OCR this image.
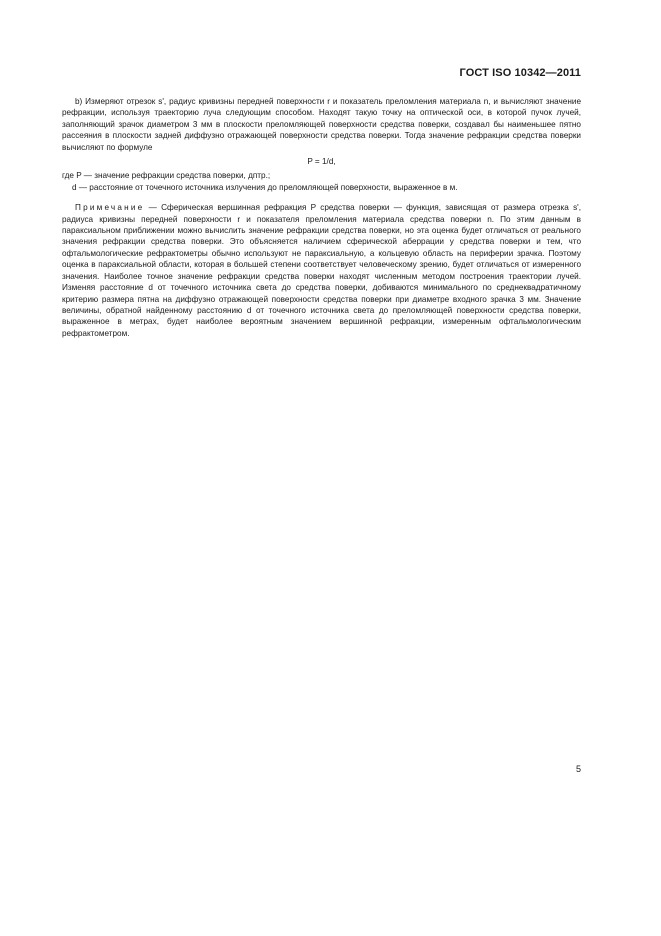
ГОСТ ISO 10342—2011

b) Измеряют отрезок s', радиус кривизны передней поверхности r и показатель преломления материала n, и вычисляют значение рефракции, используя траекторию луча следующим способом. Находят такую точку на оптической оси, в которой пучок лучей, заполняющий зрачок диаметром 3 мм в плоскости преломляющей поверхности средства поверки, создавал бы наименьшее пятно рассеяния в плоскости задней диффузно отражающей поверхности средства поверки. Тогда значение рефракции средства поверки вычисляют по формуле

P = 1/d,

где P — значение рефракции средства поверки, дптр.;

d — расстояние от точечного источника излучения до преломляющей поверхности, выраженное в м.

Примечание — Сферическая вершинная рефракция P средства поверки — функция, зависящая от размера отрезка s', радиуса кривизны передней поверхности r и показателя преломления материала средства поверки n. По этим данным в параксиальном приближении можно вычислить значение рефракции средства поверки, но эта оценка будет отличаться от реального значения рефракции средства поверки. Это объясняется наличием сферической аберрации у средства поверки и тем, что офтальмологические рефрактометры обычно используют не параксиальную, а кольцевую область на периферии зрачка. Поэтому оценка в параксиальной области, которая в большей степени соответствует человеческому зрению, будет отличаться от измеренного значения. Наиболее точное значение рефракции средства поверки находят численным методом построения траектории лучей. Изменяя расстояние d от точечного источника света до средства поверки, добиваются минимального по среднеквадратичному критерию размера пятна на диффузно отражающей поверхности средства поверки при диаметре входного зрачка 3 мм. Значение величины, обратной найденному расстоянию d от точечного источника света до преломляющей поверхности средства поверки, выраженное в метрах, будет наиболее вероятным значением вершинной рефракции, измеренным офтальмологическим рефрактометром.

5
